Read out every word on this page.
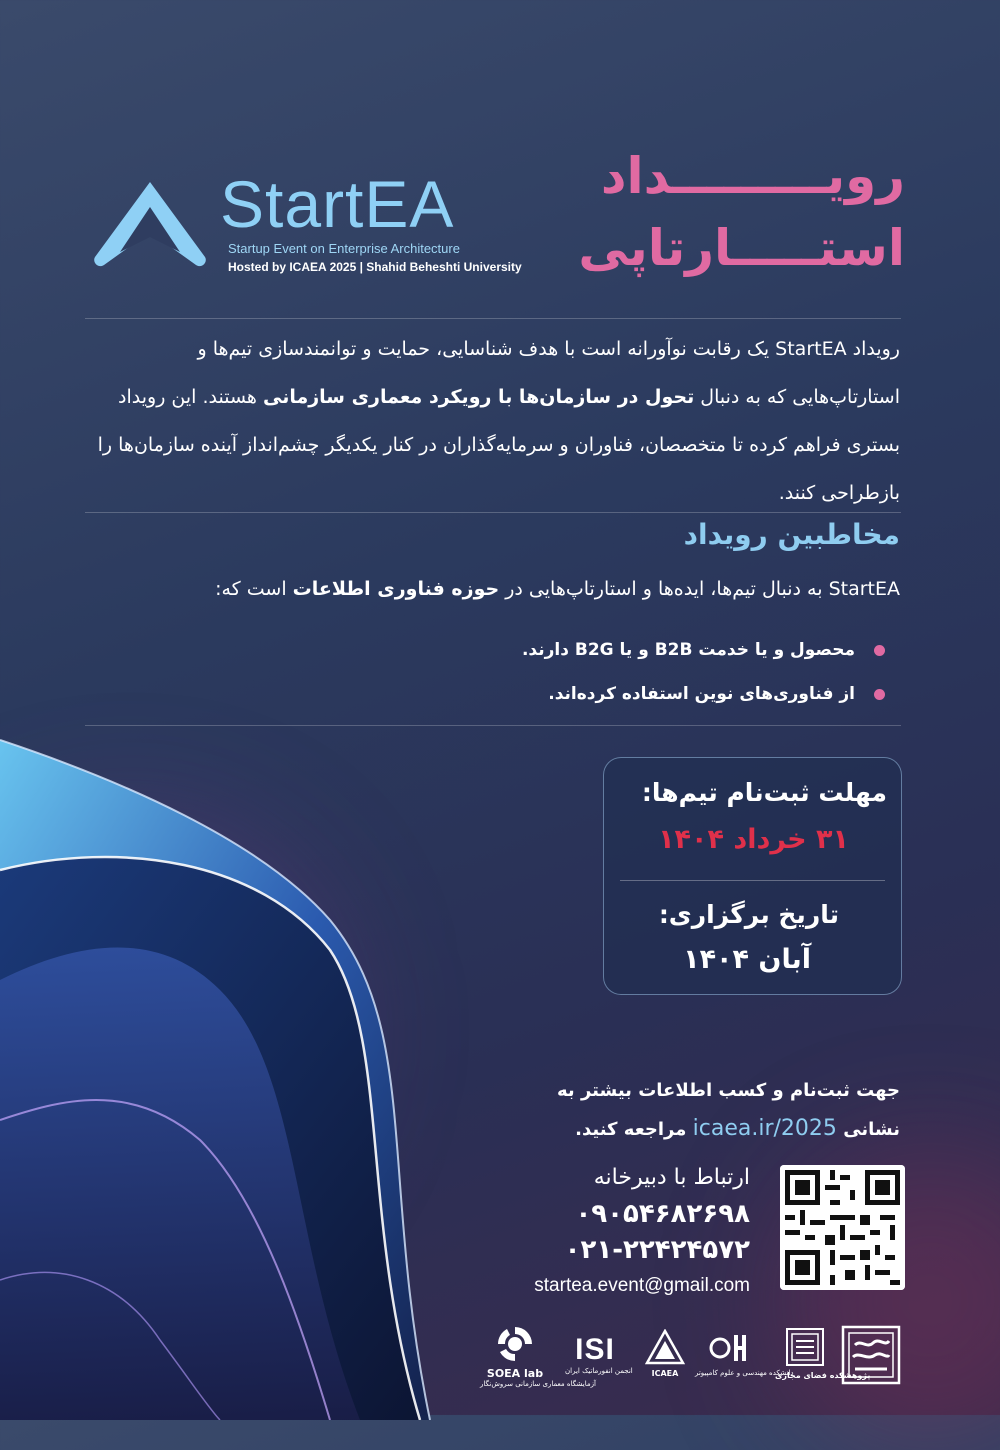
StartEA
Startup Event on Enterprise Architecture
Hosted by ICAEA 2025 | Shahid Beheshti University
رویـــــــــداد
استـــــارتاپی
رویداد StartEA یک رقابت نوآورانه است با هدف شناسایی، حمایت و توانمندسازی تیم‌ها و استارتاپ‌هایی که به دنبال تحول در سازمان‌ها با رویکرد معماری سازمانی هستند. این رویداد بستری فراهم کرده تا متخصصان، فناوران و سرمایه‌گذاران در کنار یکدیگر چشم‌انداز آینده سازمان‌ها را بازطراحی کنند.
مخاطبین رویداد
StartEA به دنبال تیم‌ها، ایده‌ها و استارتاپ‌هایی در حوزه فناوری اطلاعات است که:
محصول و یا خدمت B2B و یا B2G دارند.
از فناوری‌های نوین استفاده کرده‌اند.
مهلت ثبت‌نام تیم‌ها:
۳۱ خرداد ۱۴۰۴
تاریخ برگزاری:
آبان ۱۴۰۴
جهت ثبت‌نام و کسب اطلاعات بیشتر به
نشانی icaea.ir/2025 مراجعه کنید.
ارتباط با دبیرخانه
۰۹۰۵۴۶۸۲۶۹۸
۰۲۱-۲۲۴۲۴۵۷۲
startea.event@gmail.com
SOEA lab
آزمایشگاه معماری سازمانی سروش‌نگار
ISI
انجمن انفورماتیک ایران	ICAEA	دانشکده مهندسی و علوم کامپیوتر
پژوهشکده فضای مجازی
